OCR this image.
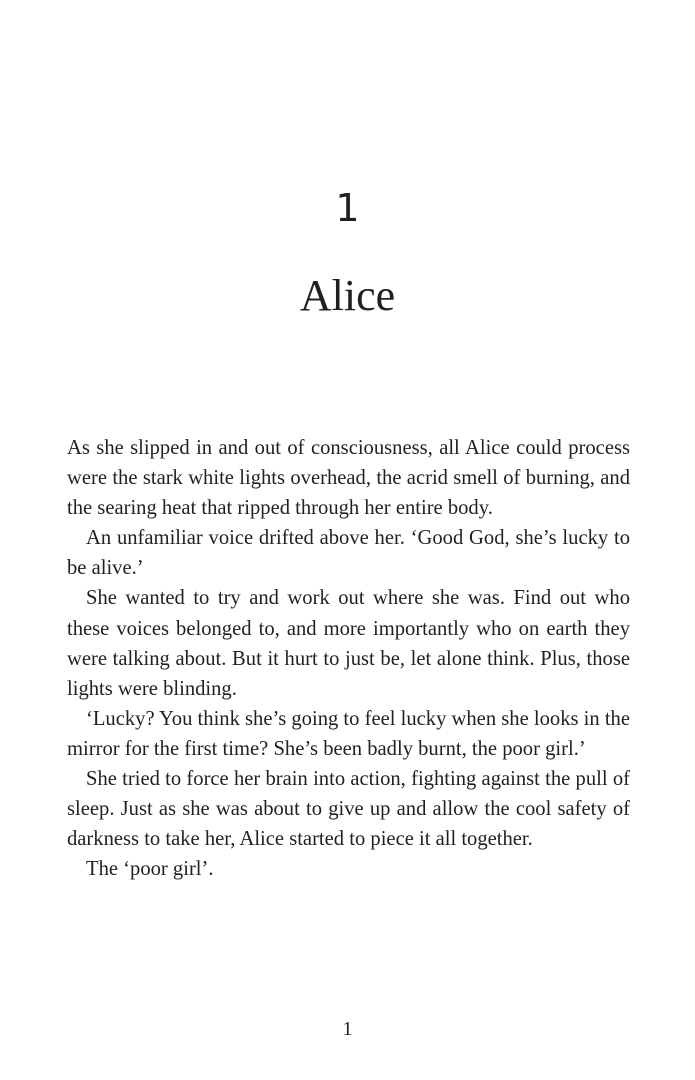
1
Alice

As she slipped in and out of consciousness, all Alice could process were the stark white lights overhead, the acrid smell of burning, and the searing heat that ripped through her entire body.

An unfamiliar voice drifted above her. ‘Good God, she’s lucky to be alive.’

She wanted to try and work out where she was. Find out who these voices belonged to, and more importantly who on earth they were talking about. But it hurt to just be, let alone think. Plus, those lights were blinding.

‘Lucky? You think she’s going to feel lucky when she looks in the mirror for the first time? She’s been badly burnt, the poor girl.’

She tried to force her brain into action, fighting against the pull of sleep. Just as she was about to give up and allow the cool safety of darkness to take her, Alice started to piece it all together.

The ‘poor girl’.

1
